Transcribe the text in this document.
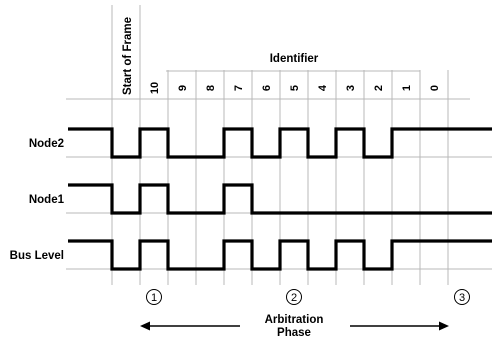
Start of Frame	Identifier
10 9 8 7 6 5 4 3 2 1 0
Node2
Node1
Bus Level
1	2	3
Arbitration
Phase
